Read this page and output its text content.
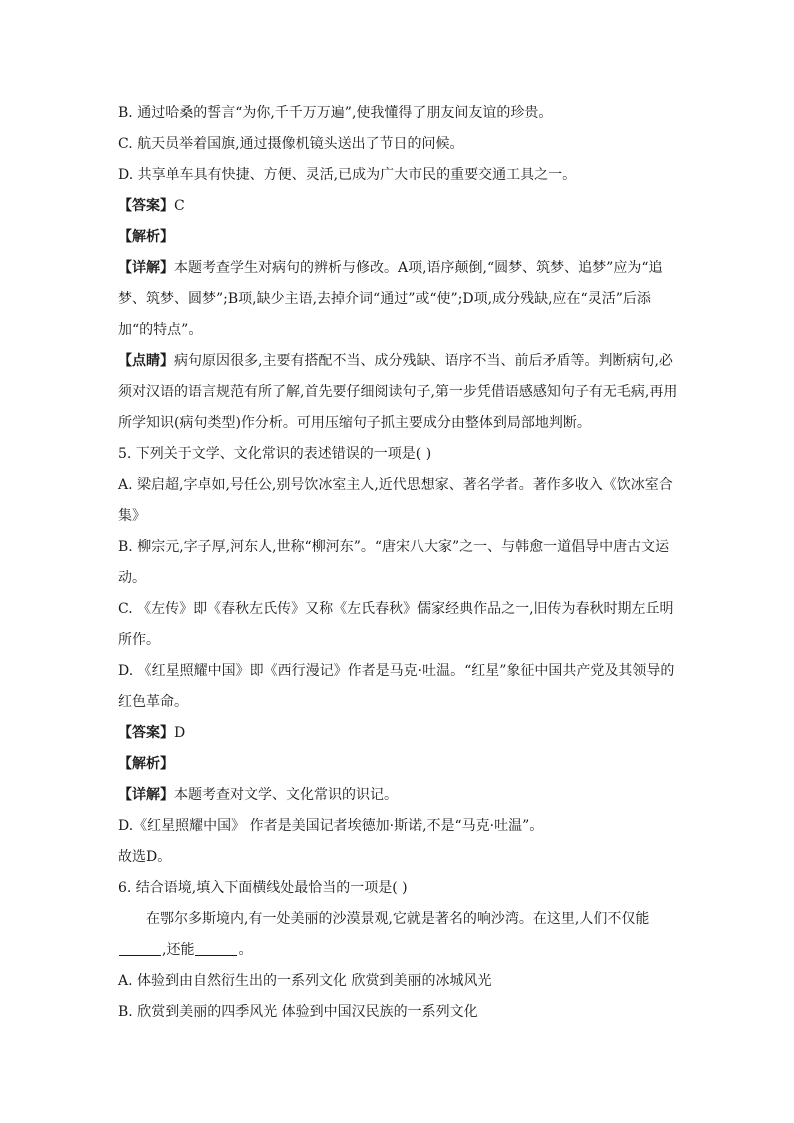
B. 通过哈桑的誓言“为你,千千万万遍”,使我懂得了朋友间友谊的珍贵。

C. 航天员举着国旗,通过摄像机镜头送出了节日的问候。

D. 共享单车具有快捷、方便、灵活,已成为广大市民的重要交通工具之一。

【答案】C

【解析】

【详解】本题考查学生对病句的辨析与修改。A项,语序颠倒,“圆梦、筑梦、追梦”应为“追梦、筑梦、圆梦”;B项,缺少主语,去掉介词“通过”或“使”;D项,成分残缺,应在“灵活”后添加“的特点”。

【点睛】病句原因很多,主要有搭配不当、成分残缺、语序不当、前后矛盾等。判断病句,必须对汉语的语言规范有所了解,首先要仔细阅读句子,第一步凭借语感感知句子有无毛病,再用所学知识(病句类型)作分析。可用压缩句子抓主要成分由整体到局部地判断。

5. 下列关于文学、文化常识的表述错误的一项是( )

A. 梁启超,字卓如,号任公,别号饮冰室主人,近代思想家、著名学者。著作多收入《饮冰室合集》

B. 柳宗元,字子厚,河东人,世称“柳河东”。“唐宋八大家”之一、与韩愈一道倡导中唐古文运动。

C. 《左传》即《春秋左氏传》又称《左氏春秋》儒家经典作品之一,旧传为春秋时期左丘明所作。

D. 《红星照耀中国》即《西行漫记》作者是马克·吐温。“红星”象征中国共产党及其领导的红色革命。

【答案】D

【解析】

【详解】本题考查对文学、文化常识的识记。

D.《红星照耀中国》 作者是美国记者埃德加·斯诺,不是“马克·吐温”。

故选D。

6. 结合语境,填入下面横线处最恰当的一项是( )

在鄂尔多斯境内,有一处美丽的沙漠景观,它就是著名的响沙湾。在这里,人们不仅能,还能	。

A. 体验到由自然衍生出的一系列文化 欣赏到美丽的冰城风光

B. 欣赏到美丽的四季风光 体验到中国汉民族的一系列文化
